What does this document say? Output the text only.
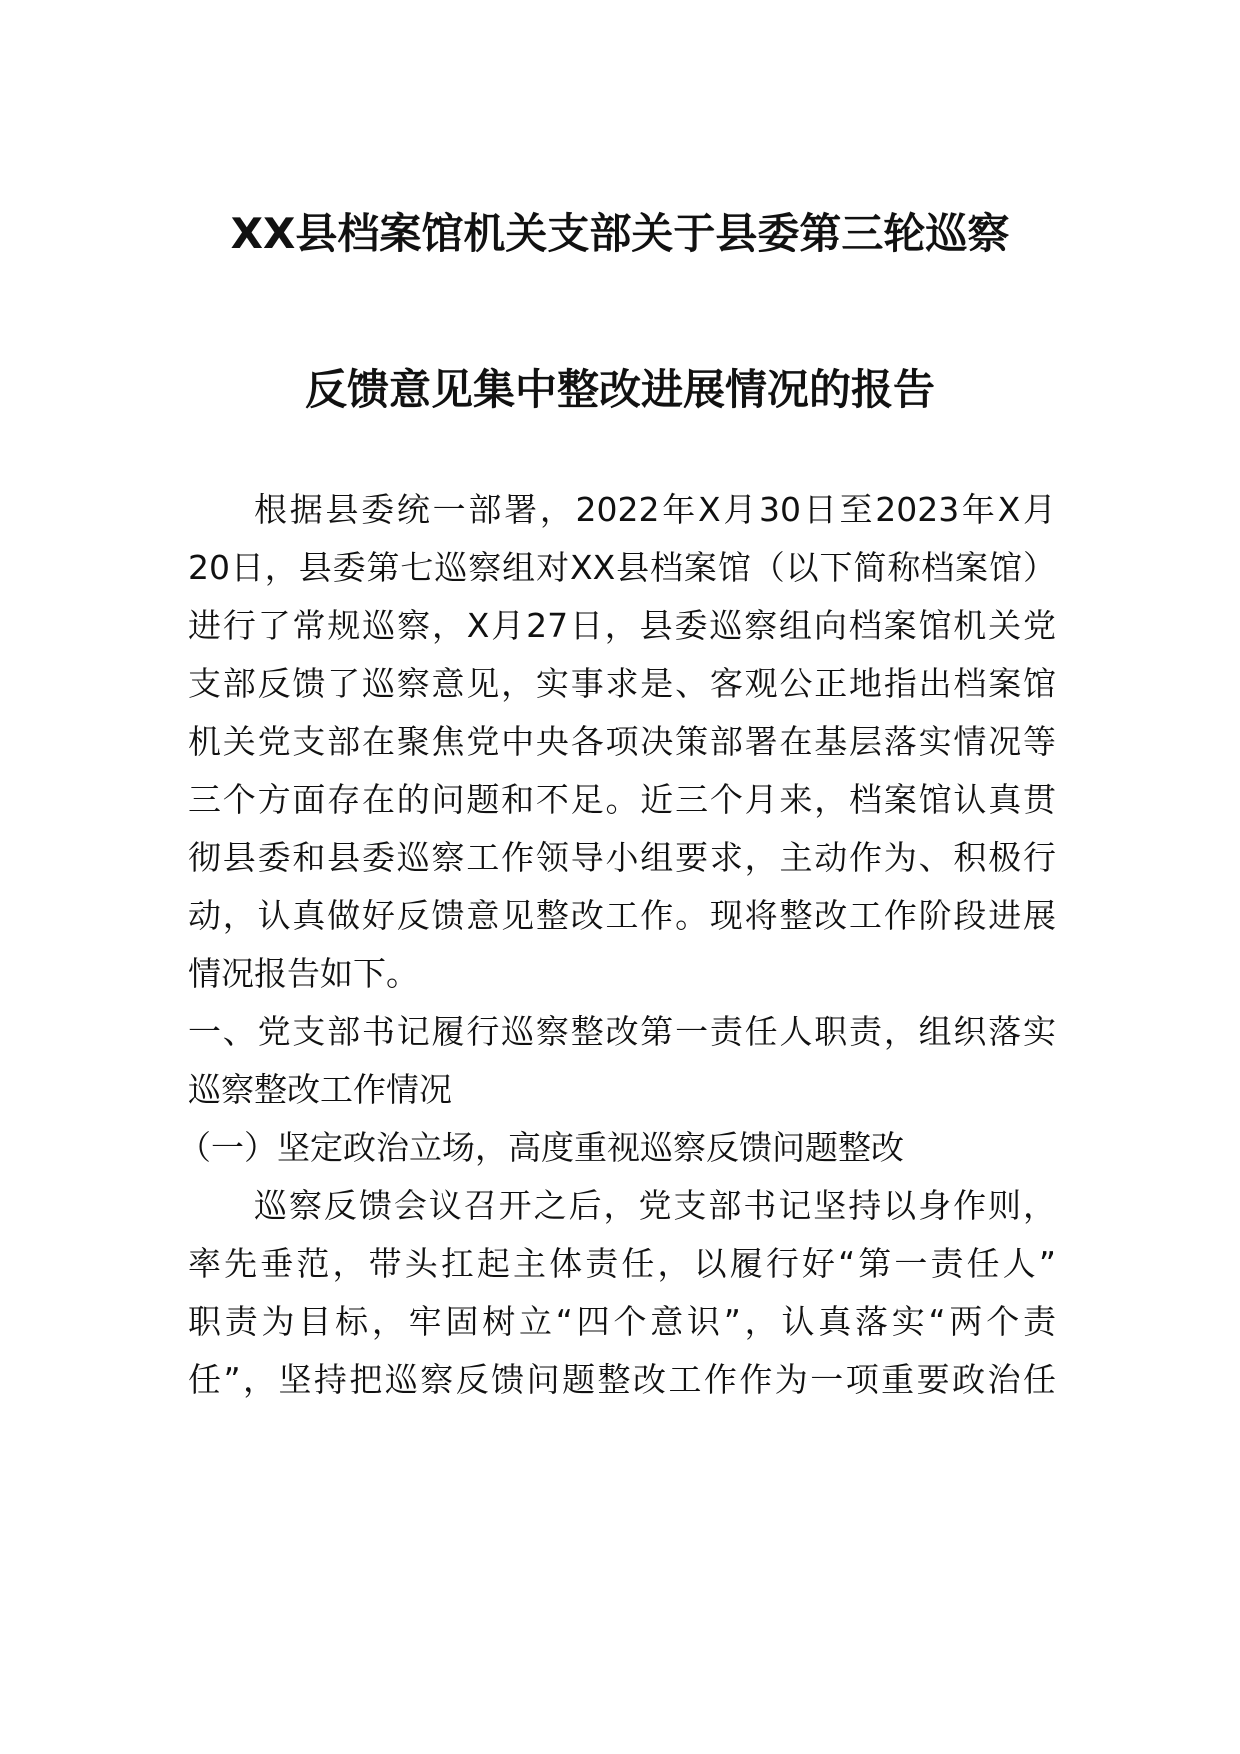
XX县档案馆机关支部关于县委第三轮巡察
反馈意见集中整改进展情况的报告
根据县委统一部署，2022年X月30日至2023年X月
20日，县委第七巡察组对XX县档案馆（以下简称档案馆）
进行了常规巡察，X月27日，县委巡察组向档案馆机关党
支部反馈了巡察意见，实事求是、客观公正地指出档案馆
机关党支部在聚焦党中央各项决策部署在基层落实情况等
三个方面存在的问题和不足。近三个月来，档案馆认真贯
彻县委和县委巡察工作领导小组要求，主动作为、积极行
动，认真做好反馈意见整改工作。现将整改工作阶段进展
情况报告如下。
一、党支部书记履行巡察整改第一责任人职责，组织落实
巡察整改工作情况
（一）坚定政治立场，高度重视巡察反馈问题整改
巡察反馈会议召开之后，党支部书记坚持以身作则，
率先垂范，带头扛起主体责任，以履行好“第一责任人”
职责为目标，牢固树立“四个意识”，认真落实“两个责
任”，坚持把巡察反馈问题整改工作作为一项重要政治任
